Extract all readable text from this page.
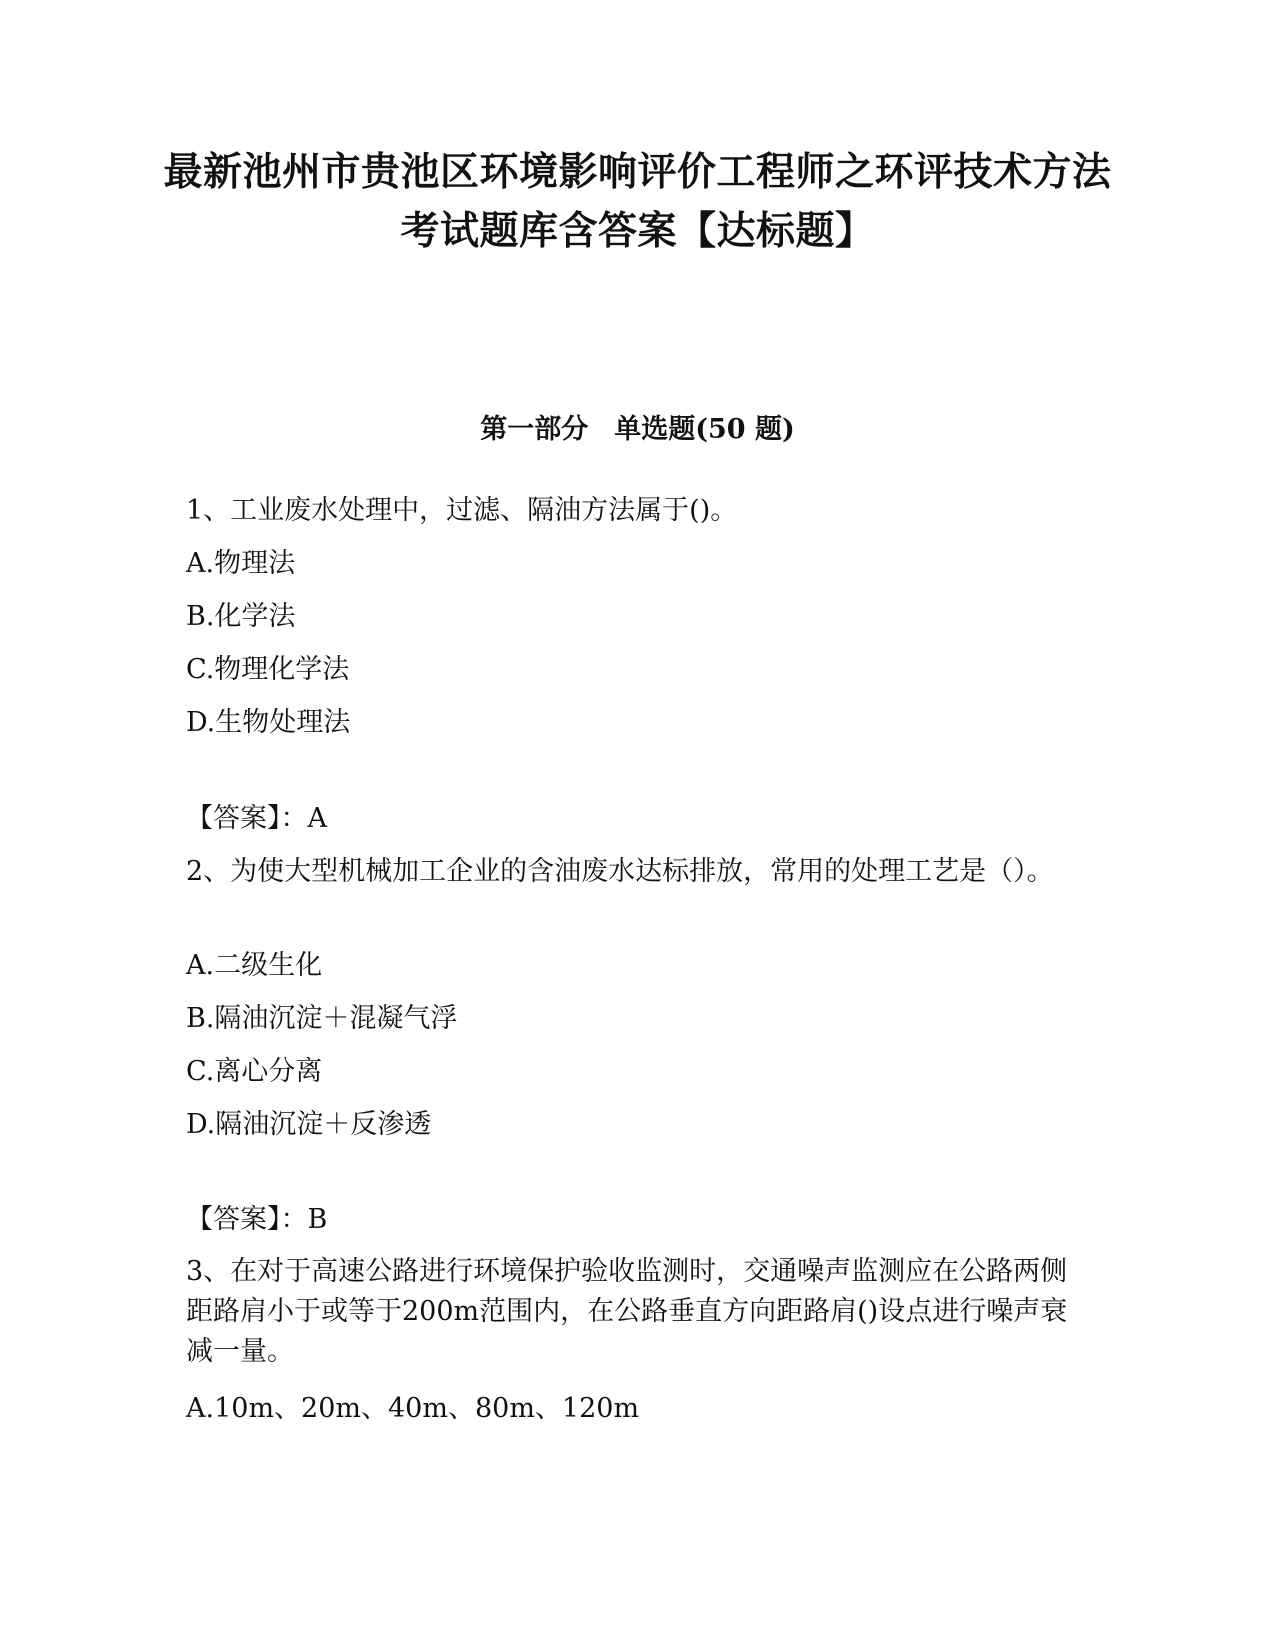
最新池州市贵池区环境影响评价工程师之环评技术方法考试题库含答案【达标题】
第一部分 单选题(50 题)

1、工业废水处理中，过滤、隔油方法属于()。

A.物理法

B.化学法

C.物理化学法

D.生物处理法

【答案】：A

2、为使大型机械加工企业的含油废水达标排放，常用的处理工艺是（）。

A.二级生化

B.隔油沉淀＋混凝气浮

C.离心分离

D.隔油沉淀＋反渗透

【答案】：B

3、在对于高速公路进行环境保护验收监测时，交通噪声监测应在公路两侧距路肩小于或等于200m范围内，在公路垂直方向距路肩()设点进行噪声衰减一量。

A.10m、20m、40m、80m、120m
